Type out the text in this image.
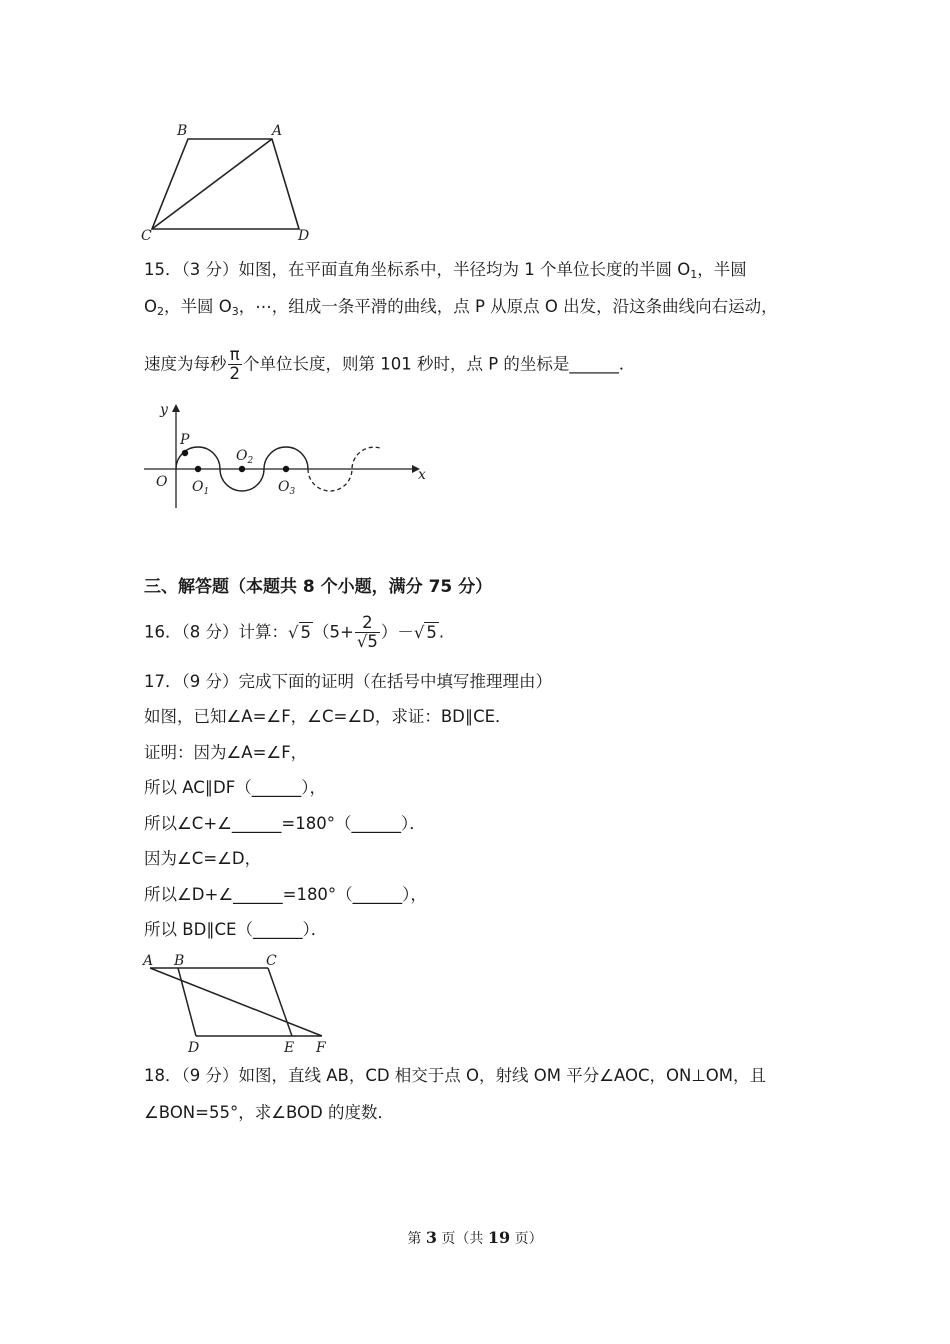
B	A
C	D
15．（3 分）如图，在平面直角坐标系中，半径均为 1 个单位长度的半圆 $O_1$，半圆
$O_2$，半圆 $O_3$，⋯，组成一条平滑的曲线，点 P 从原点 O 出发，沿这条曲线向右运动，
速度为每秒 $\frac{\pi}{2}$ 个单位长度，则第 101 秒时，点 P 的坐标是______．
y
x
O
P
$O_1$
$O_2$
$O_3$
三、解答题（本题共 8 个小题，满分 75 分）
16．（8 分）计算：√ 5 （$5+ \frac{2}{√5}$ ）－√ 5 .
17．（9 分）完成下面的证明（在括号中填写推理理由）
如图，已知∠A=∠F，∠C=∠D，求证：BD∥CE．
证明：因为∠A=∠F，
所以 AC∥DF（______），
所以∠C+∠______=180°（______）．
因为∠C=∠D，
所以∠D+∠______=180°（______），
所以 BD∥CE（______）．
A B	C
D	E F
18．（9 分）如图，直线 AB，CD 相交于点 O，射线 OM 平分∠AOC，ON⊥OM，且
∠BON=55°，求∠BOD 的度数．
第 3 页（共 19 页）
